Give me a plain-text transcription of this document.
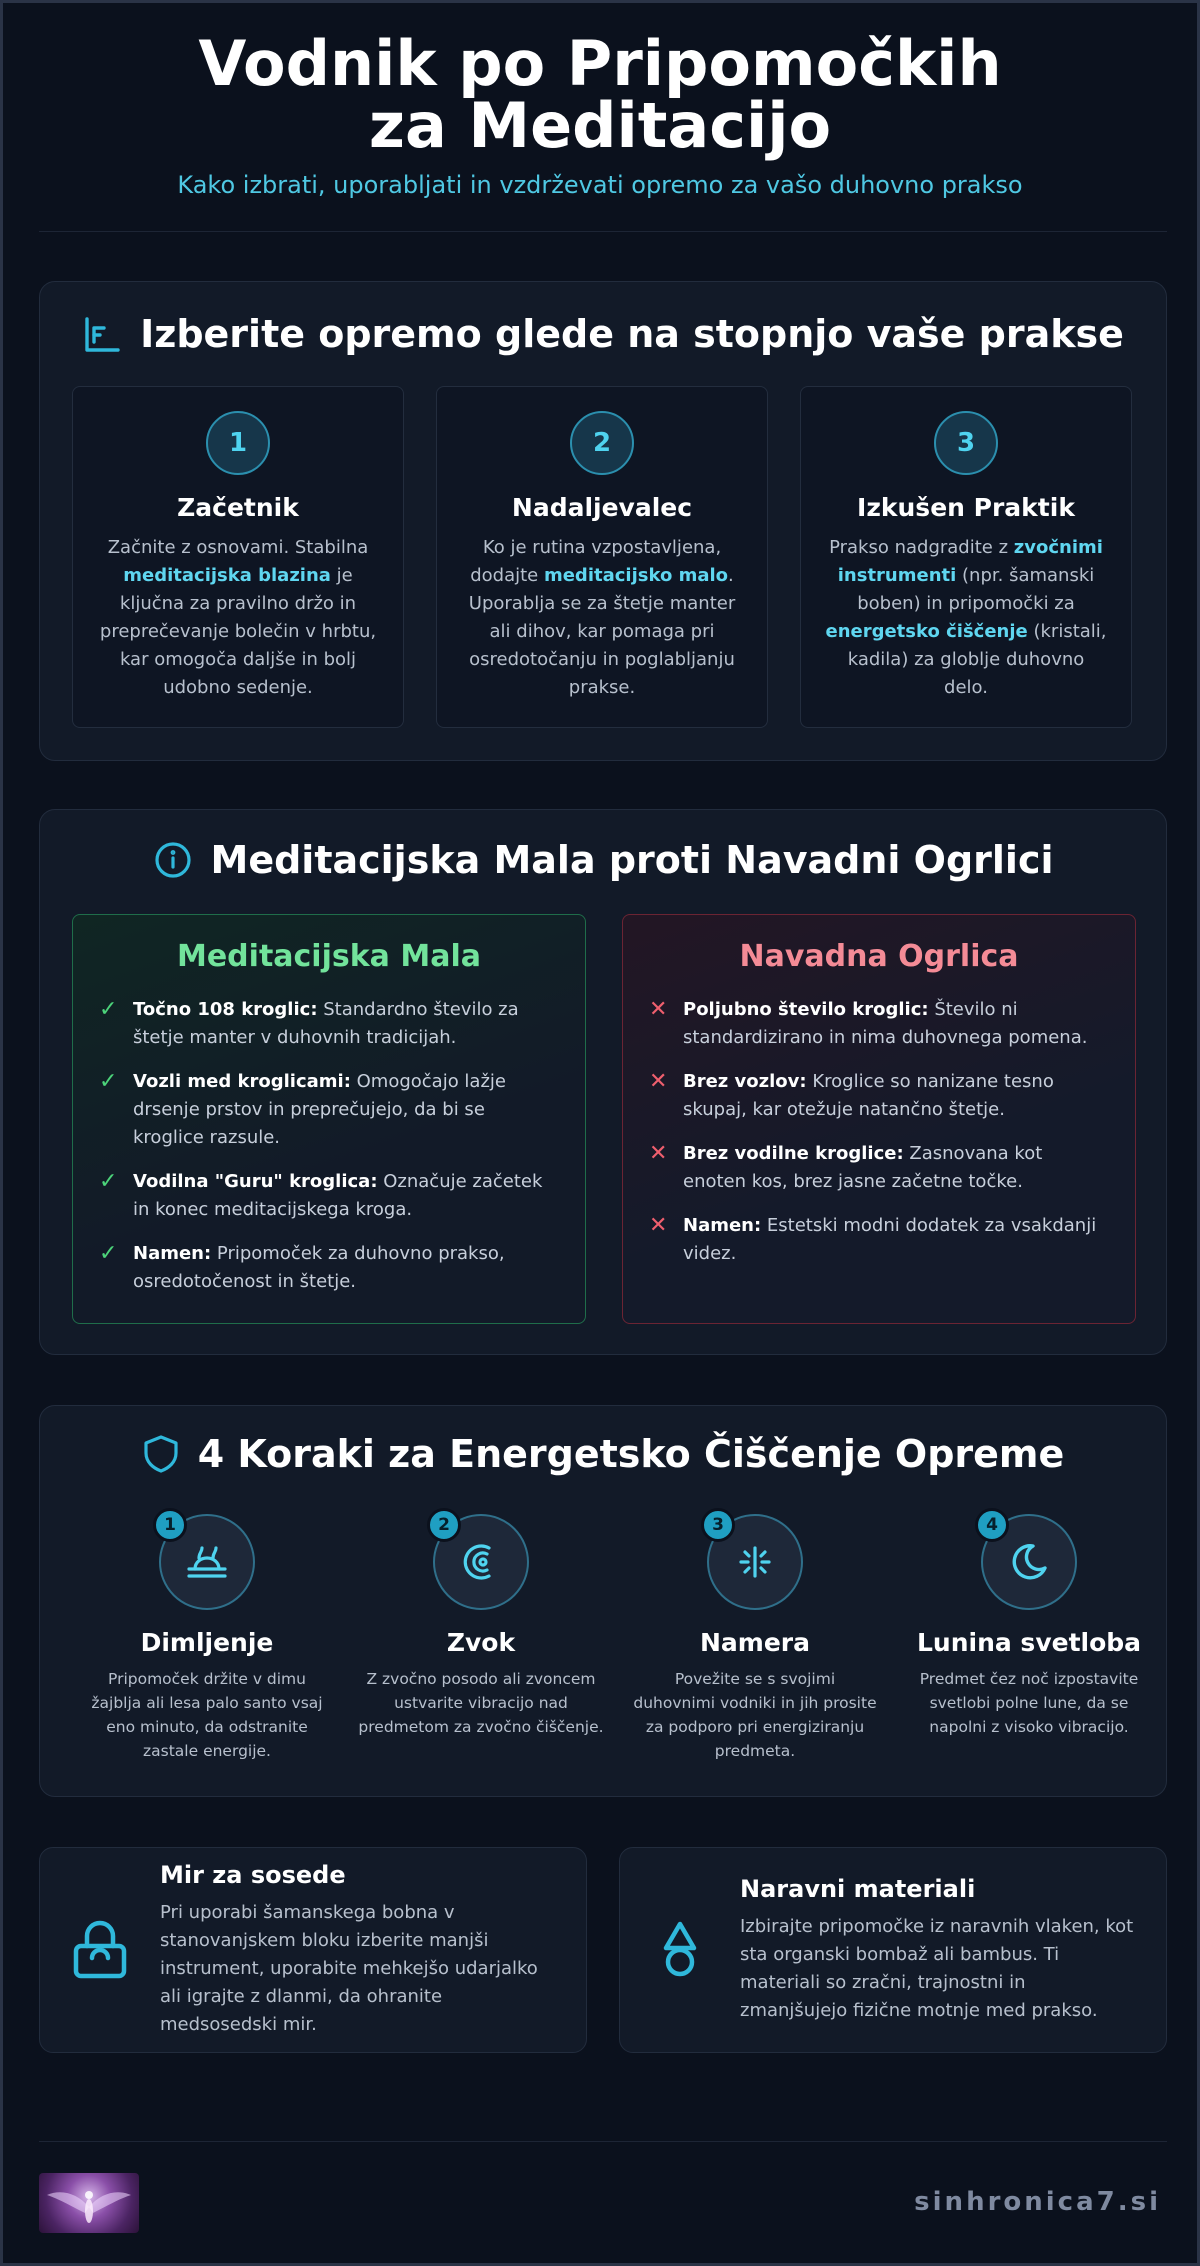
Vodnik po Pripomočkih za Meditacijo
Kako izbrati, uporabljati in vzdrževati opremo za vašo duhovno prakso
Izberite opremo glede na stopnjo vaše prakse
1
Začetnik

Začnite z osnovami. Stabilna meditacijska blazina je ključna za pravilno držo in preprečevanje bolečin v hrbtu, kar omogoča daljše in bolj udobno sedenje.

2
Nadaljevalec

Ko je rutina vzpostavljena, dodajte meditacijsko malo. Uporablja se za štetje manter ali dihov, kar pomaga pri osredotočanju in poglabljanju prakse.

3
Izkušen Praktik

Prakso nadgradite z zvočnimi instrumenti (npr. šamanski boben) in pripomočki za energetsko čiščenje (kristali, kadila) za globlje duhovno delo.

Meditacijska Mala proti Navadni Ogrlici
Meditacijska Mala
✓ Točno 108 kroglic: Standardno število za štetje manter v duhovnih tradicijah.
✓ Vozli med kroglicami: Omogočajo lažje drsenje prstov in preprečujejo, da bi se kroglice razsule.
✓ Vodilna "Guru" kroglica: Označuje začetek in konec meditacijskega kroga.
✓ Namen: Pripomoček za duhovno prakso, osredotočenost in štetje.
Navadna Ogrlica
✕ Poljubno število kroglic: Število ni standardizirano in nima duhovnega pomena.
✕ Brez vozlov: Kroglice so nanizane tesno skupaj, kar otežuje natančno štetje.
✕ Brez vodilne kroglice: Zasnovana kot enoten kos, brez jasne začetne točke.
✕ Namen: Estetski modni dodatek za vsakdanji videz.
4 Koraki za Energetsko Čiščenje Opreme
1
Dimljenje

Pripomoček držite v dimu žajblja ali lesa palo santo vsaj eno minuto, da odstranite zastale energije.

2
Zvok

Z zvočno posodo ali zvoncem ustvarite vibracijo nad predmetom za zvočno čiščenje.

3
Namera

Povežite se s svojimi duhovnimi vodniki in jih prosite za podporo pri energiziranju predmeta.

4
Lunina svetloba

Predmet čez noč izpostavite svetlobi polne lune, da se napolni z visoko vibracijo.

Mir za sosede

Pri uporabi šamanskega bobna v stanovanjskem bloku izberite manjši instrument, uporabite mehkejšo udarjalko ali igrajte z dlanmi, da ohranite medsosedski mir.

Naravni materiali

Izbirajte pripomočke iz naravnih vlaken, kot sta organski bombaž ali bambus. Ti materiali so zračni, trajnostni in zmanjšujejo fizične motnje med prakso.

sinhronica7.si
